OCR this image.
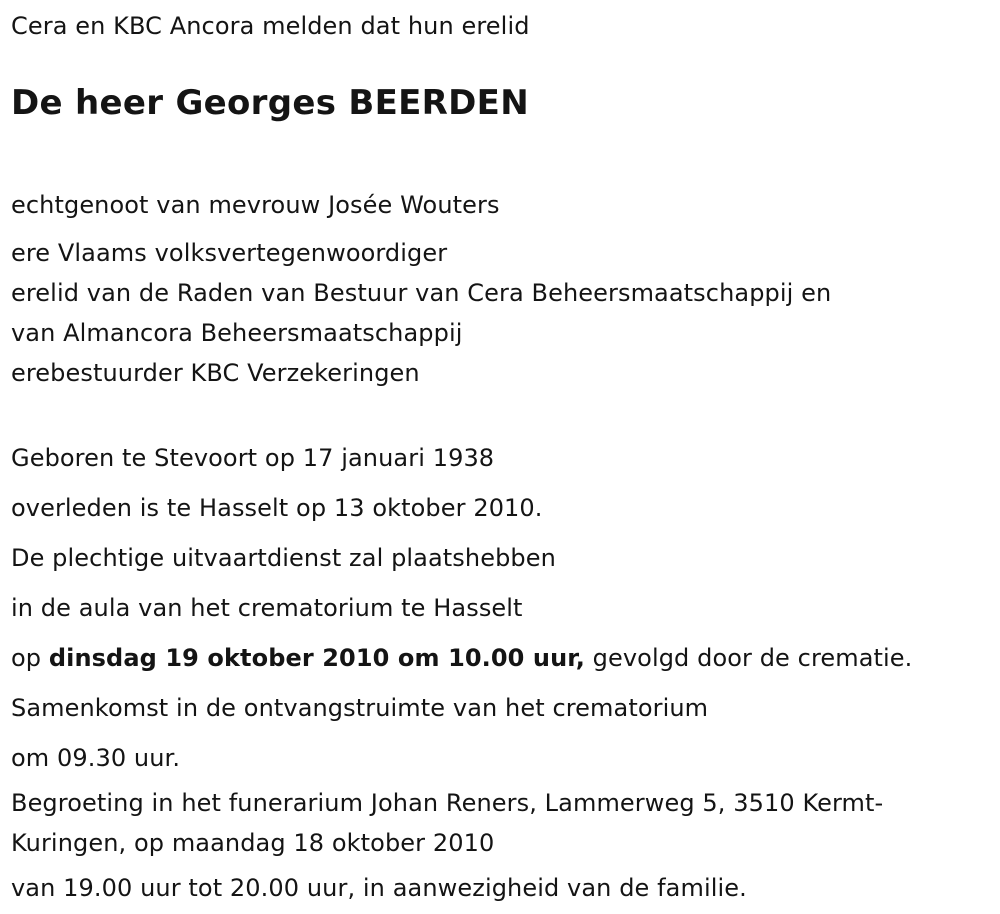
Cera en KBC Ancora melden dat hun erelid
De heer Georges BEERDEN
echtgenoot van mevrouw Josée Wouters
ere Vlaams volksvertegenwoordiger
erelid van de Raden van Bestuur van Cera Beheersmaatschappij en
van Almancora Beheersmaatschappij
erebestuurder KBC Verzekeringen
Geboren te Stevoort op 17 januari 1938
overleden is te Hasselt op 13 oktober 2010.
De plechtige uitvaartdienst zal plaatshebben
in de aula van het crematorium te Hasselt
op dinsdag 19 oktober 2010 om 10.00 uur, gevolgd door de crematie.
Samenkomst in de ontvangstruimte van het crematorium
om 09.30 uur.
Begroeting in het funerarium Johan Reners, Lammerweg 5, 3510 Kermt-
Kuringen, op maandag 18 oktober 2010
van 19.00 uur tot 20.00 uur, in aanwezigheid van de familie.
